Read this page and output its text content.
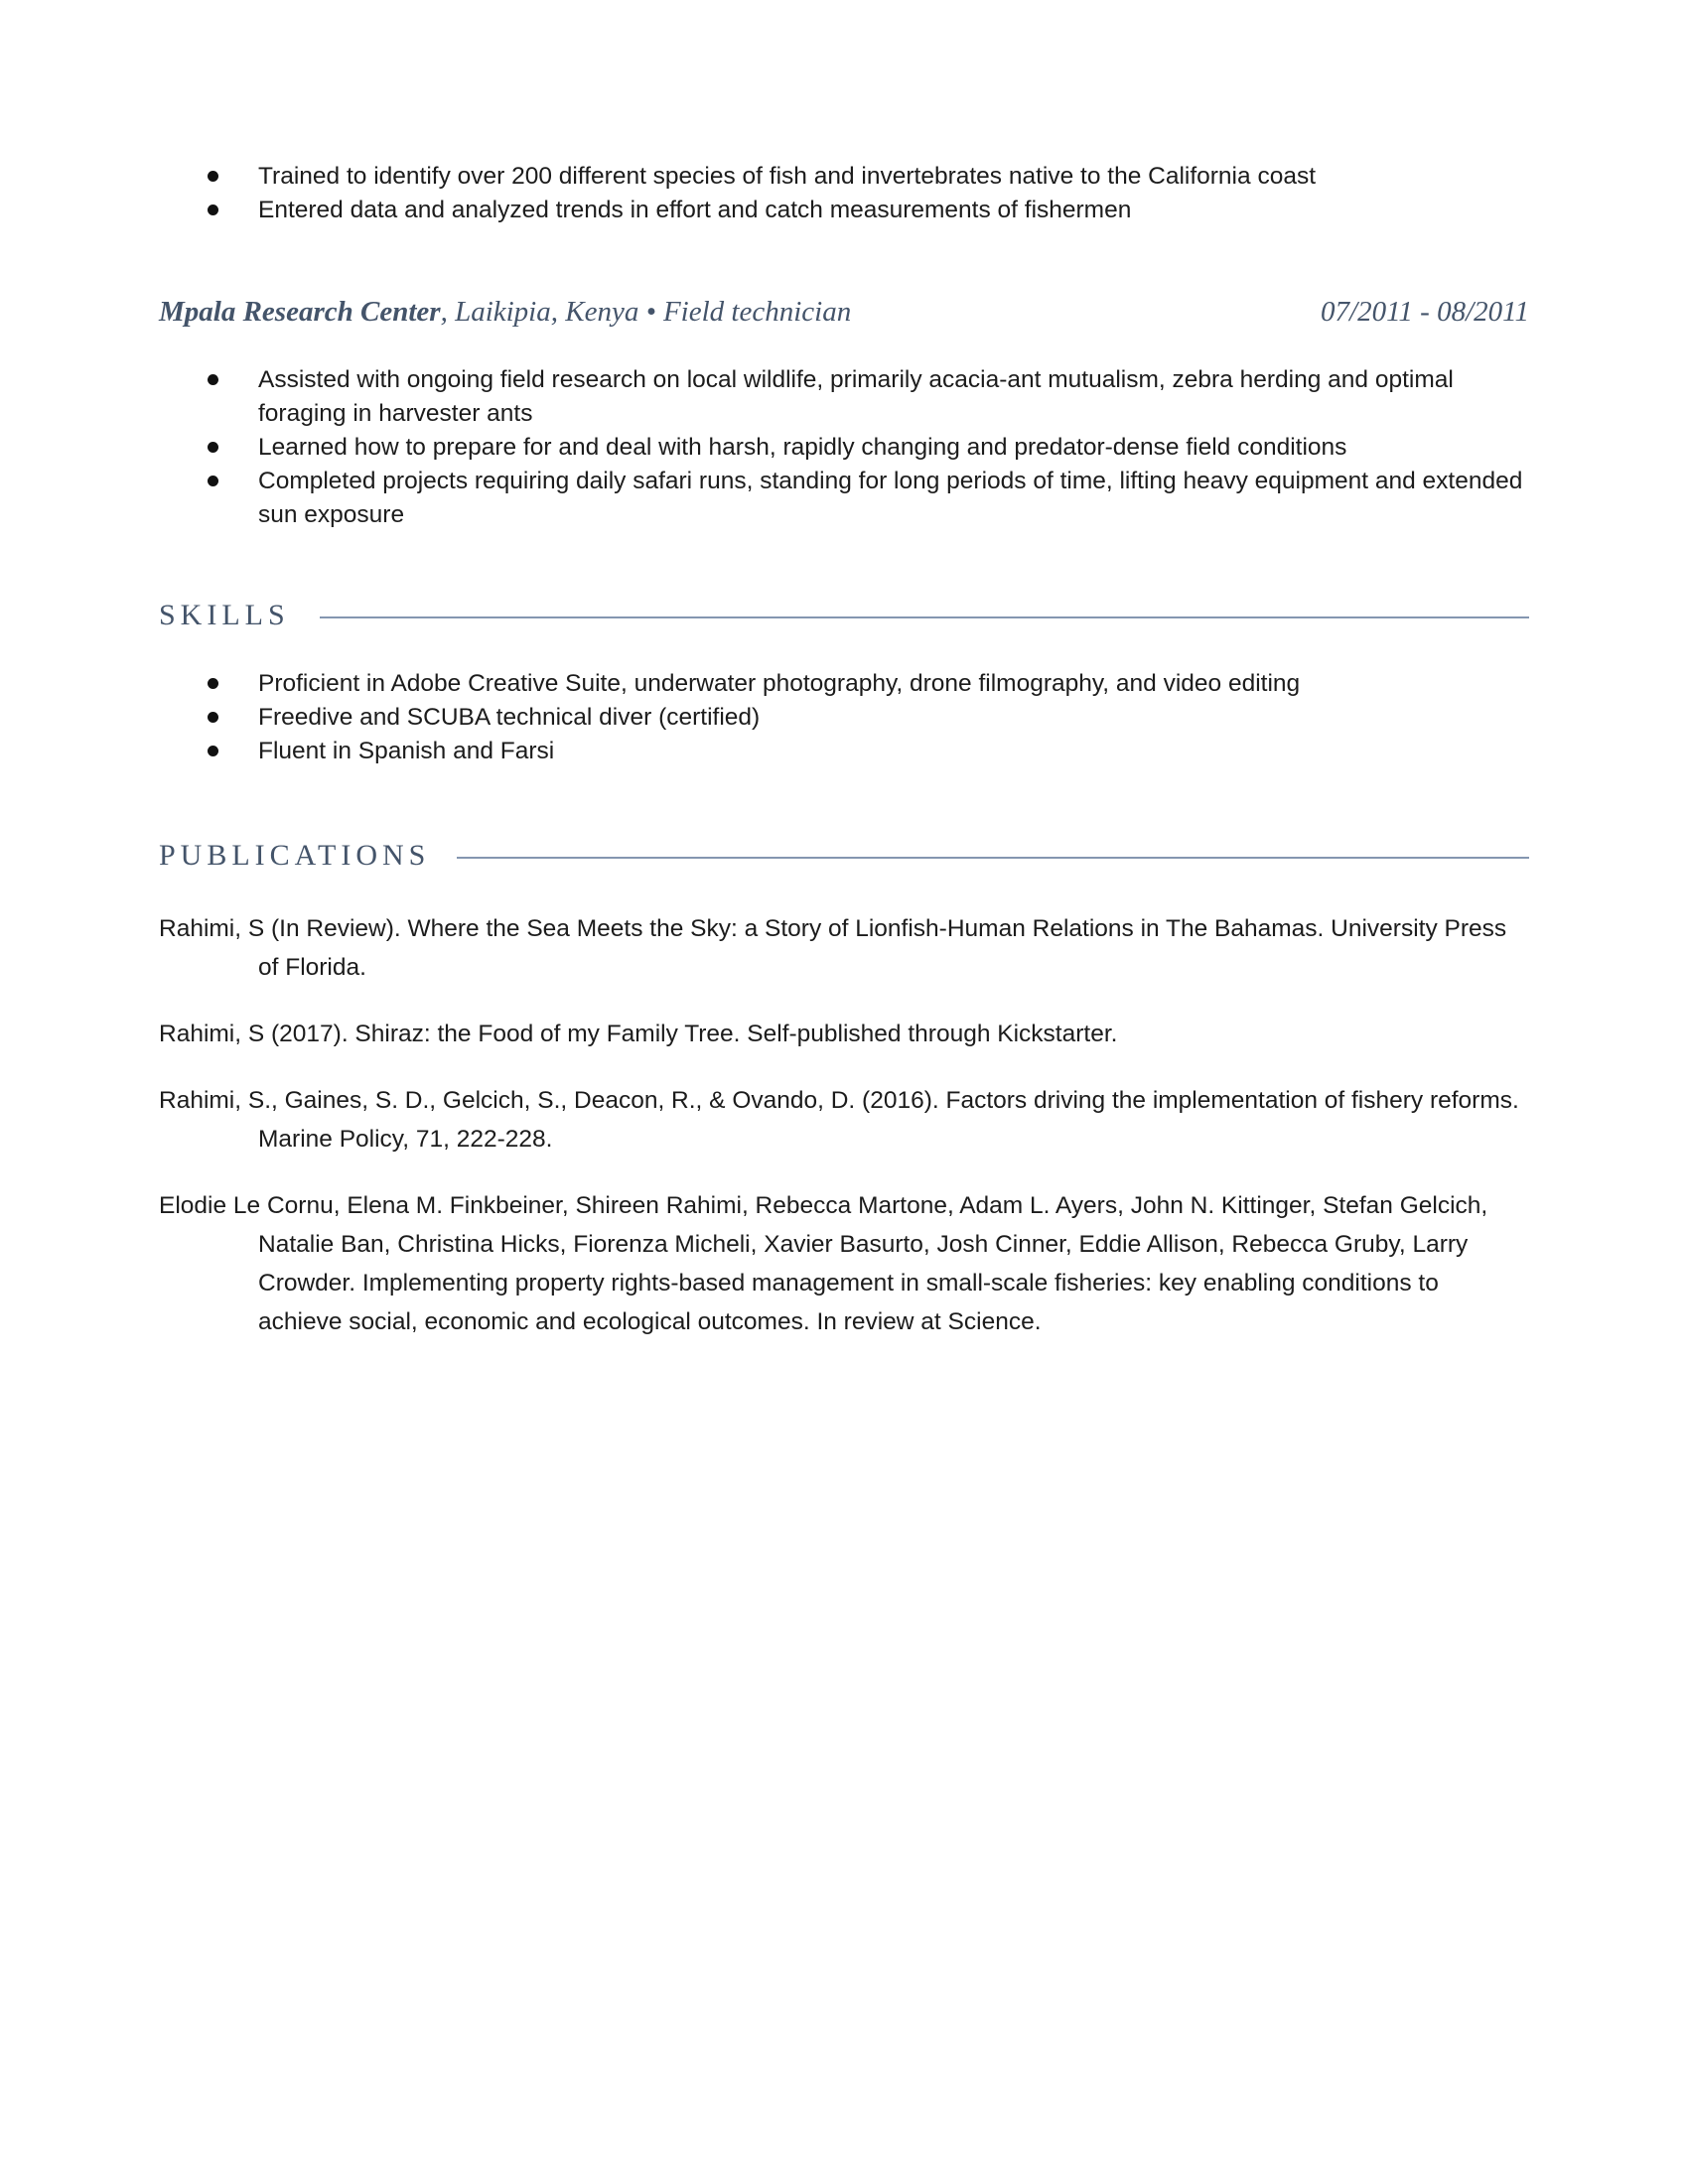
Trained to identify over 200 different species of fish and invertebrates native to the California coast
Entered data and analyzed trends in effort and catch measurements of fishermen
Mpala Research Center, Laikipia, Kenya • Field technician	07/2011 - 08/2011
Assisted with ongoing field research on local wildlife, primarily acacia-ant mutualism, zebra herding and optimal foraging in harvester ants
Learned how to prepare for and deal with harsh, rapidly changing and predator-dense field conditions
Completed projects requiring daily safari runs, standing for long periods of time, lifting heavy equipment and extended sun exposure
SKILLS
Proficient in Adobe Creative Suite, underwater photography, drone filmography, and video editing
Freedive and SCUBA technical diver (certified)
Fluent in Spanish and Farsi
PUBLICATIONS

Rahimi, S (In Review). Where the Sea Meets the Sky: a Story of Lionfish-Human Relations in The Bahamas. University Press of Florida.

Rahimi, S (2017). Shiraz: the Food of my Family Tree. Self-published through Kickstarter.

Rahimi, S., Gaines, S. D., Gelcich, S., Deacon, R., & Ovando, D. (2016). Factors driving the implementation of fishery reforms. Marine Policy, 71, 222-228.

Elodie Le Cornu, Elena M. Finkbeiner, Shireen Rahimi, Rebecca Martone, Adam L. Ayers, John N. Kittinger, Stefan Gelcich, Natalie Ban, Christina Hicks, Fiorenza Micheli, Xavier Basurto, Josh Cinner, Eddie Allison, Rebecca Gruby, Larry Crowder. Implementing property rights-based management in small-scale fisheries: key enabling conditions to achieve social, economic and ecological outcomes. In review at Science.
